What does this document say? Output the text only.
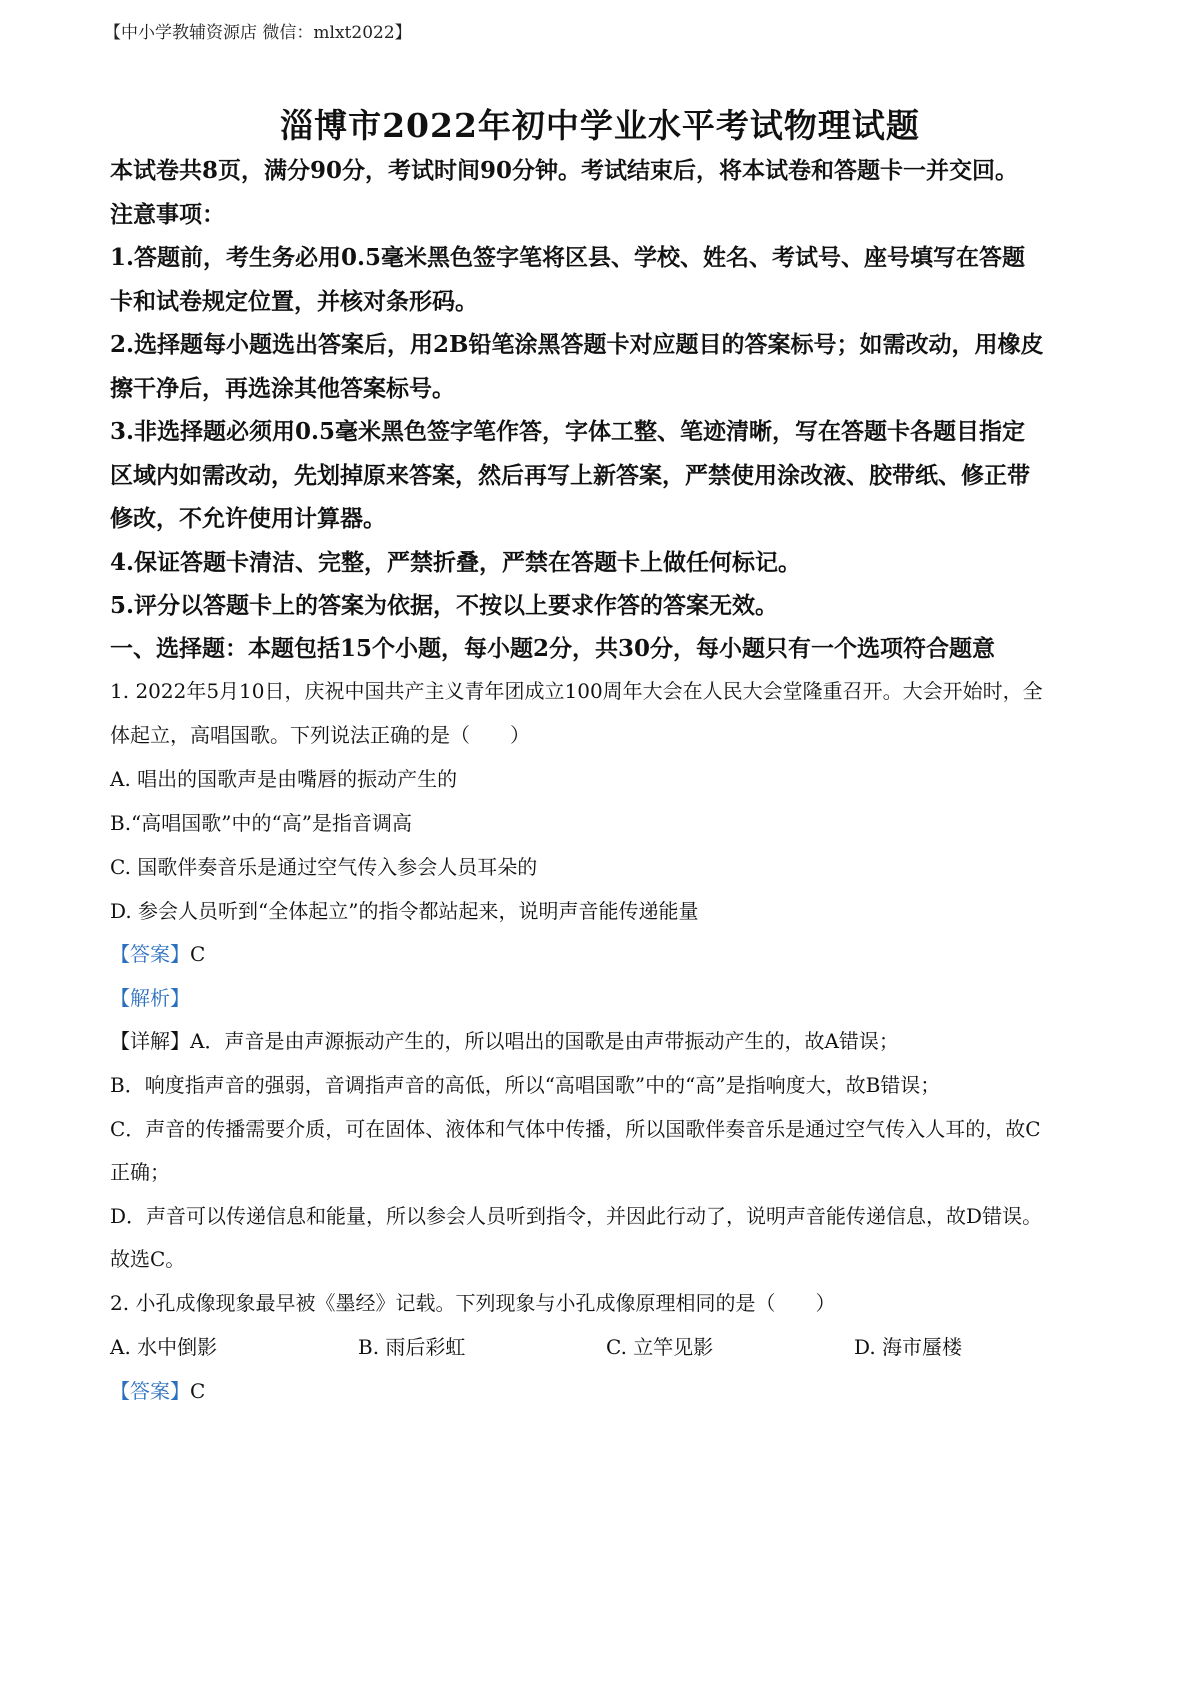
【中小学教辅资源店 微信：mlxt2022】
淄博市2022年初中学业水平考试物理试题
本试卷共8页，满分90分，考试时间90分钟。考试结束后，将本试卷和答题卡一并交回。
注意事项：
1.答题前，考生务必用0.5毫米黑色签字笔将区县、学校、姓名、考试号、座号填写在答题
卡和试卷规定位置，并核对条形码。
2.选择题每小题选出答案后，用2B铅笔涂黑答题卡对应题目的答案标号；如需改动，用橡皮
擦干净后，再选涂其他答案标号。
3.非选择题必须用0.5毫米黑色签字笔作答，字体工整、笔迹清晰，写在答题卡各题目指定
区域内如需改动，先划掉原来答案，然后再写上新答案，严禁使用涂改液、胶带纸、修正带
修改，不允许使用计算器。
4.保证答题卡清洁、完整，严禁折叠，严禁在答题卡上做任何标记。
5.评分以答题卡上的答案为依据，不按以上要求作答的答案无效。
一、选择题：本题包括15个小题，每小题2分，共30分，每小题只有一个选项符合题意
1. 2022年5月10日，庆祝中国共产主义青年团成立100周年大会在人民大会堂隆重召开。大会开始时，全
体起立，高唱国歌。下列说法正确的是（　　）
A. 唱出的国歌声是由嘴唇的振动产生的
B.“高唱国歌”中的“高”是指音调高
C. 国歌伴奏音乐是通过空气传入参会人员耳朵的
D. 参会人员听到“全体起立”的指令都站起来，说明声音能传递能量
【答案】C
【解析】
【详解】A．声音是由声源振动产生的，所以唱出的国歌是由声带振动产生的，故A错误；
B．响度指声音的强弱，音调指声音的高低，所以“高唱国歌”中的“高”是指响度大，故B错误；
C．声音的传播需要介质，可在固体、液体和气体中传播，所以国歌伴奏音乐是通过空气传入人耳的，故C
正确；
D．声音可以传递信息和能量，所以参会人员听到指令，并因此行动了，说明声音能传递信息，故D错误。
故选C。
2. 小孔成像现象最早被《墨经》记载。下列现象与小孔成像原理相同的是（　　）
A. 水中倒影	B. 雨后彩虹	C. 立竿见影	D. 海市蜃楼
【答案】C
